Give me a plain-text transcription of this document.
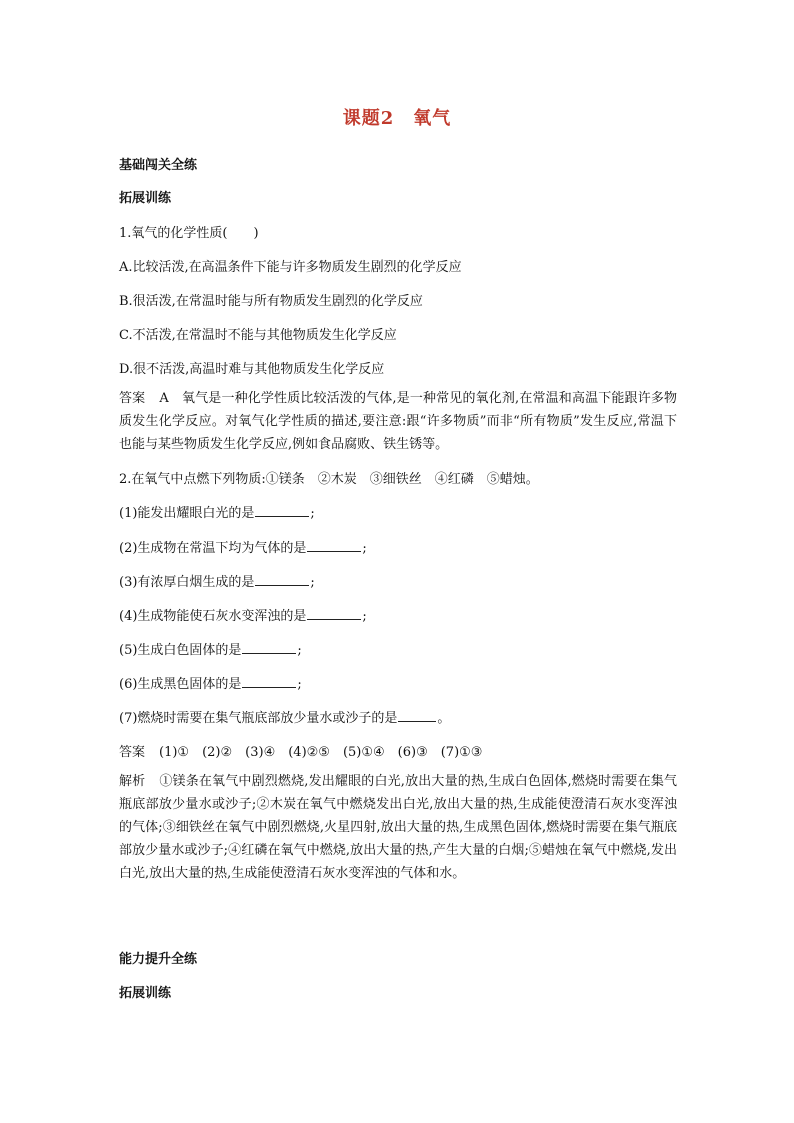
课题2　氧气
基础闯关全练
拓展训练
1.氧气的化学性质(　　)
A.比较活泼,在高温条件下能与许多物质发生剧烈的化学反应
B.很活泼,在常温时能与所有物质发生剧烈的化学反应
C.不活泼,在常温时不能与其他物质发生化学反应
D.很不活泼,高温时难与其他物质发生化学反应
答案 A　氧气是一种化学性质比较活泼的气体,是一种常见的氧化剂,在常温和高温下能跟许多物质发生化学反应。对氧气化学性质的描述,要注意:跟“许多物质”而非“所有物质”发生反应,常温下也能与某些物质发生化学反应,例如食品腐败、铁生锈等。
2.在氧气中点燃下列物质:①镁条　②木炭　③细铁丝　④红磷　⑤蜡烛。
(1)能发出耀眼白光的是	;
(2)生成物在常温下均为气体的是	;
(3)有浓厚白烟生成的是	;
(4)生成物能使石灰水变浑浊的是	;
(5)生成白色固体的是	;
(6)生成黑色固体的是	;
(7)燃烧时需要在集气瓶底部放少量水或沙子的是	。
答案 (1)①　(2)②　(3)④　(4)②⑤　(5)①④　(6)③　(7)①③
解析 ①镁条在氧气中剧烈燃烧,发出耀眼的白光,放出大量的热,生成白色固体,燃烧时需要在集气瓶底部放少量水或沙子;②木炭在氧气中燃烧发出白光,放出大量的热,生成能使澄清石灰水变浑浊的气体;③细铁丝在氧气中剧烈燃烧,火星四射,放出大量的热,生成黑色固体,燃烧时需要在集气瓶底部放少量水或沙子;④红磷在氧气中燃烧,放出大量的热,产生大量的白烟;⑤蜡烛在氧气中燃烧,发出白光,放出大量的热,生成能使澄清石灰水变浑浊的气体和水。
能力提升全练
拓展训练
